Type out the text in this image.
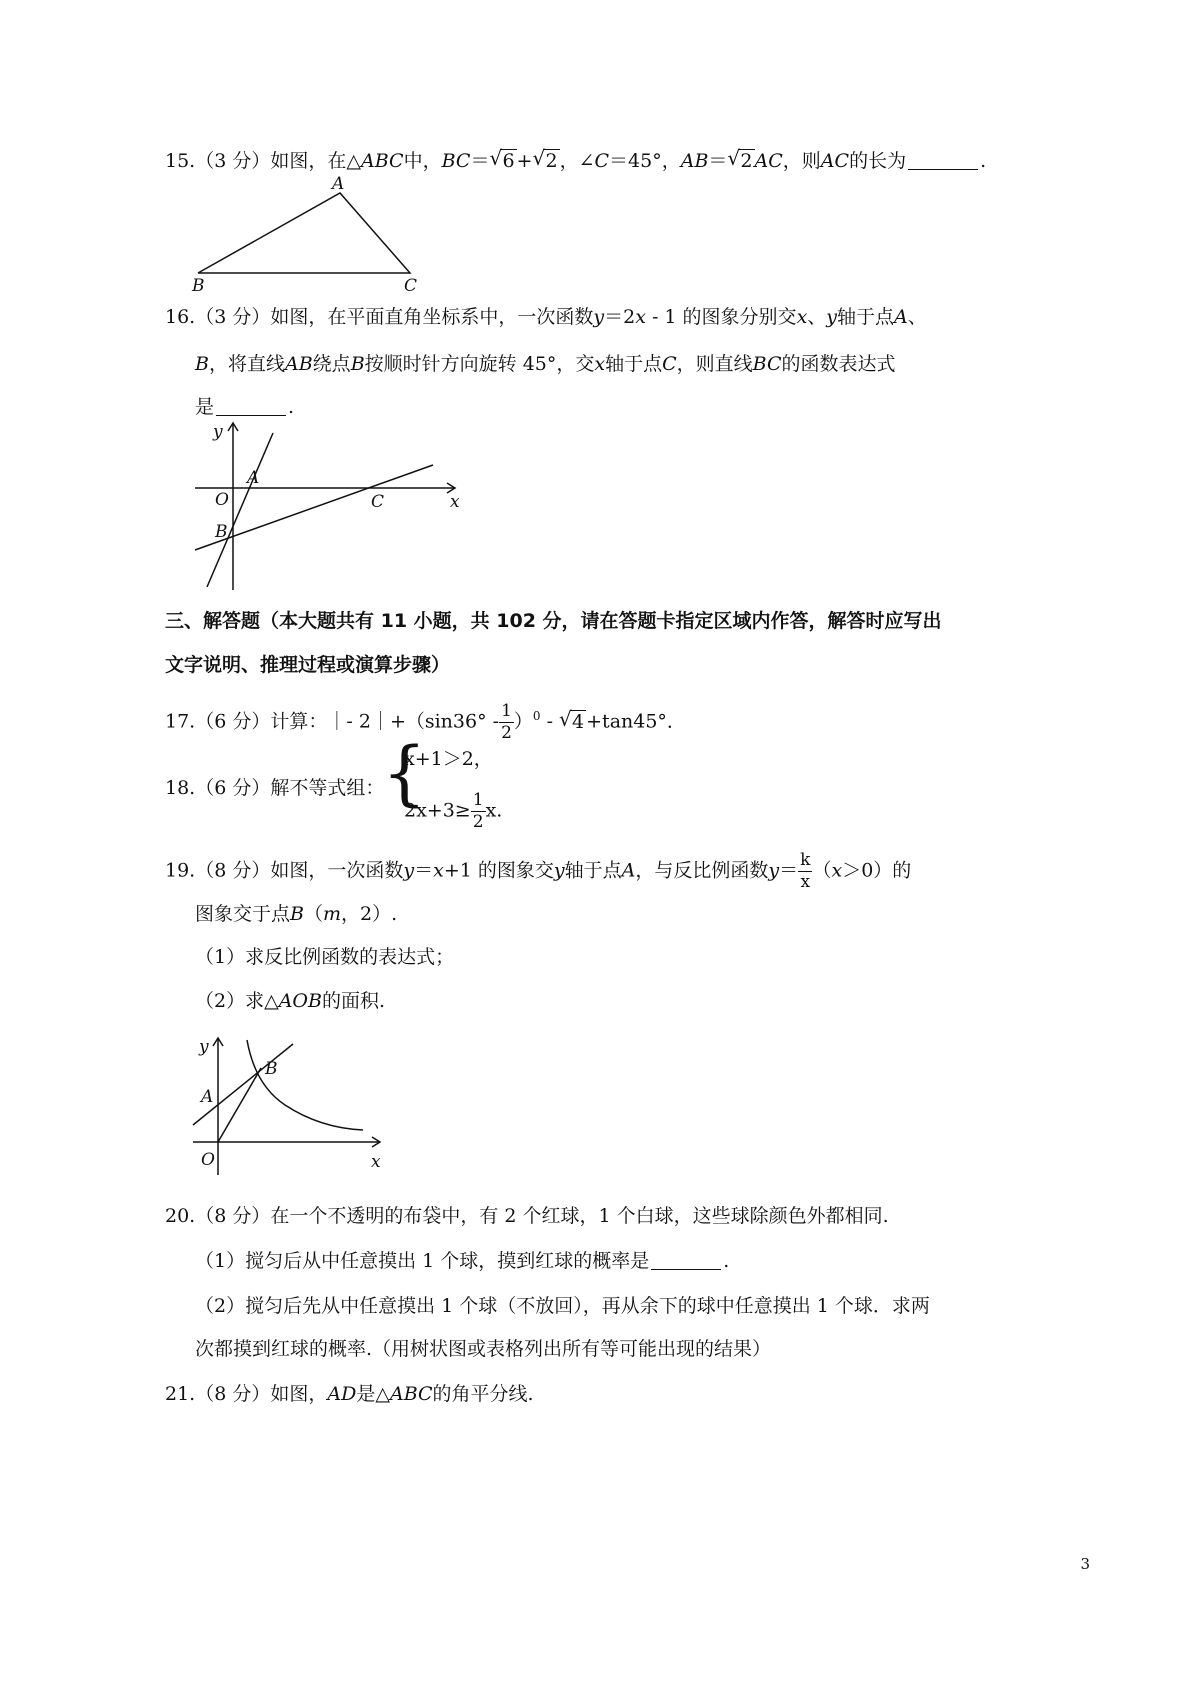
15.（3 分）如图，在△ABC中，BC＝ √ 6 + √ 2 ，∠C＝45°，AB＝ √ 2 AC，则AC的长为	.
A
B	C
16.（3 分）如图，在平面直角坐标系中，一次函数y＝2x - 1 的图象分别交x、y轴于点A、
B，将直线AB绕点B按顺时针方向旋转 45°，交x轴于点C，则直线BC的函数表达式
是	.
y
x
O
A
B
C
三、解答题（本大题共有 11 小题，共 102 分，请在答题卡指定区域内作答，解答时应写出
文字说明、推理过程或演算步骤）
17.（6 分）计算：｜- 2｜+（sin36° - $\frac{1}{2} )^0$ - √ 4 +tan45°．
18.（6 分）解不等式组：
{
x+1＞2，
$2x+3\ge \frac{1}{2} x$.
19.（8 分）如图，一次函数y＝x+1 的图象交y轴于点A，与反比例函数$y= \frac{k}{x} (x>0)$的
图象交于点B（m，2）.
（1）求反比例函数的表达式；
（2）求△AOB的面积.
y
x
O
A
B
20.（8 分）在一个不透明的布袋中，有 2 个红球，1 个白球，这些球除颜色外都相同.
（1）搅匀后从中任意摸出 1 个球，摸到红球的概率是	.
（2）搅匀后先从中任意摸出 1 个球（不放回），再从余下的球中任意摸出 1 个球．求两
次都摸到红球的概率.（用树状图或表格列出所有等可能出现的结果）
21.（8 分）如图，AD是△ABC的角平分线.
3
